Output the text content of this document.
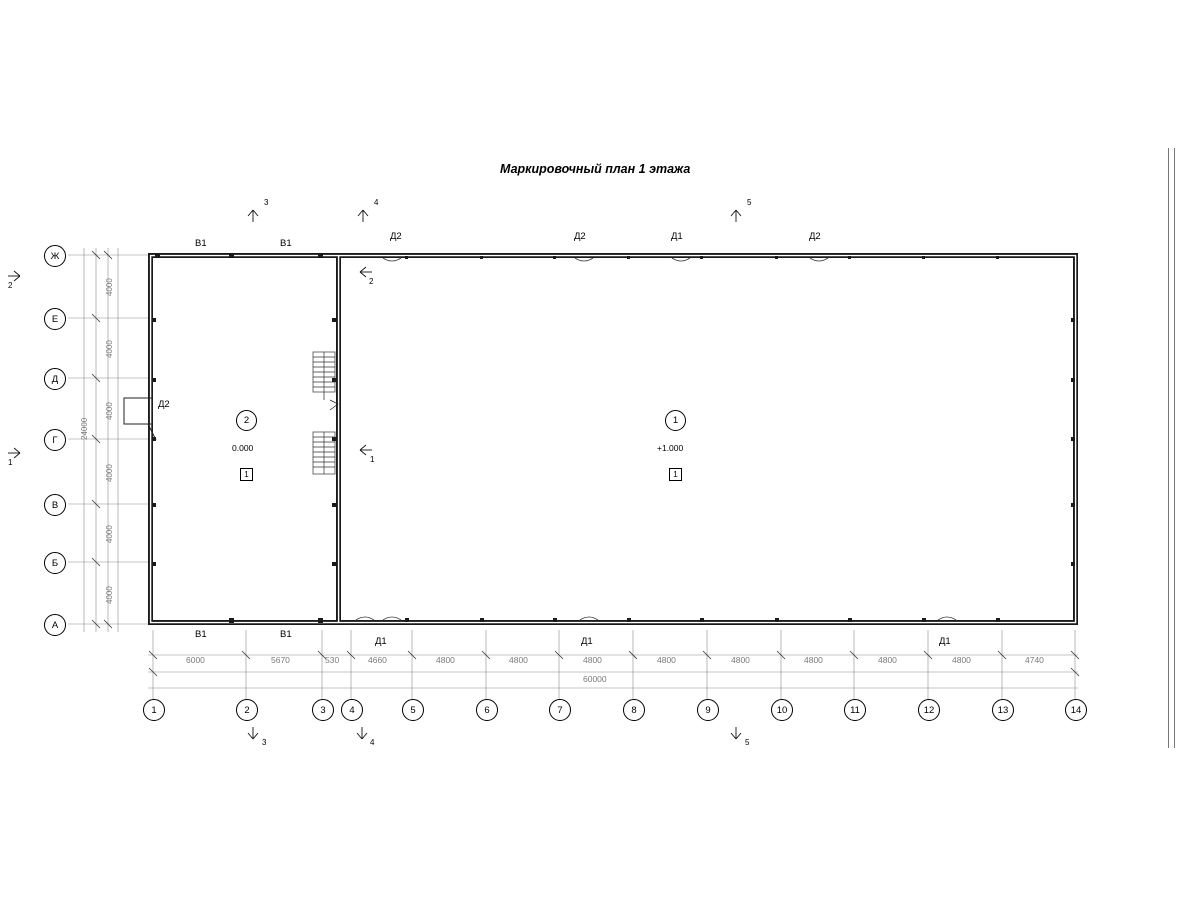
Маркировочный план 1 этажа
Ж
Е
Д
Г
В
Б
А
4000
4000
4000
4000
4000
4000
24000
1	2	3	4	5	6	7	8	9	10	11	12	13	14
6000	5670	530	4660	4800	4800	4800	4800	4800	4800	4800	4800	4740
60000
В1	В1
Д2	Д2	Д1	Д2
В1	В1
Д1	Д1	Д1
Д2
3	4	5
2
1
2
1
3	4	5
2
0.000
1
1
+1.000
1
